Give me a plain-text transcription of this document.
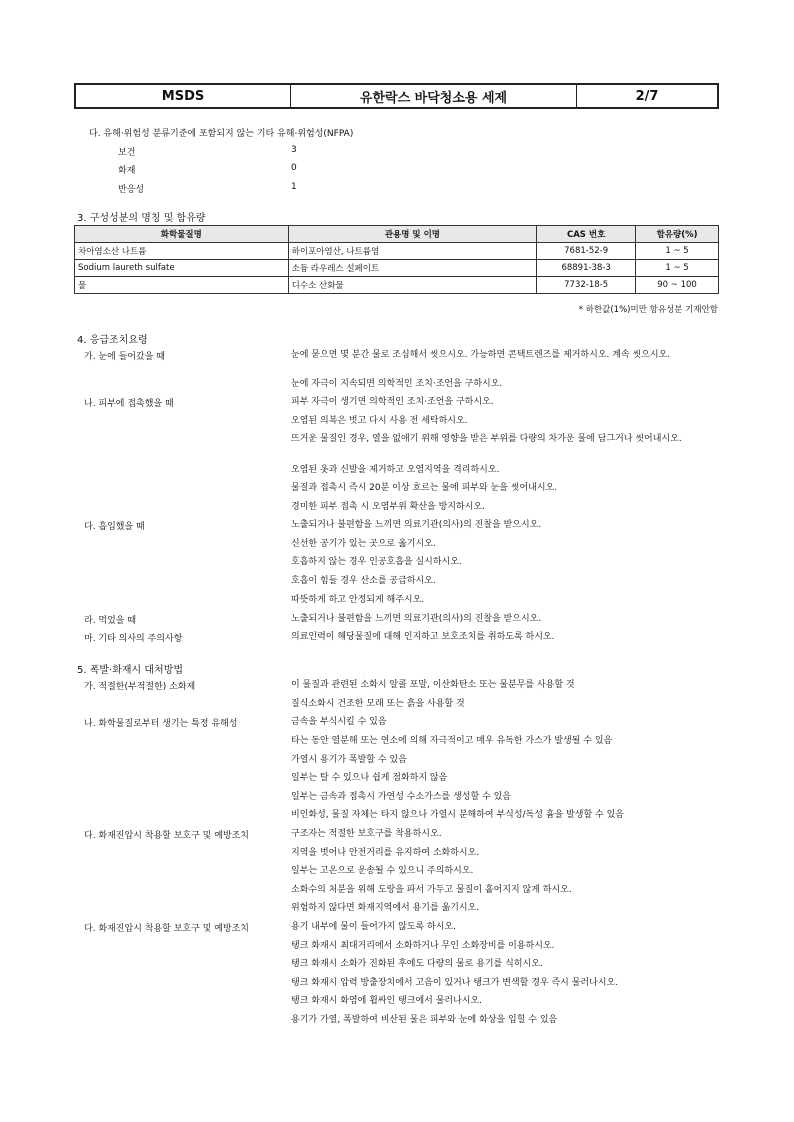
MSDS	유한락스 바닥청소용 세제	2/7
다. 유해·위험성 분류기준에 포함되지 않는 기타 유해·위험성(NFPA)
보건	3
화재	0
반응성	1
3. 구성성분의 명칭 및 함유량
화학물질명	관용명 및 이명	CAS 번호	함유량(%)
차아염소산 나트륨	하이포아염산, 나트륨염	7681-52-9	1 ~ 5
Sodium laureth sulfate	소듐 라우레스 설페이트	68891-38-3	1 ~ 5
물	디수소 산화물	7732-18-5	90 ~ 100
* 하한값(1%)미만 함유성분 기재안함
4. 응급조치요령
가. 눈에 들어갔을 때	눈에 묻으면 몇 분간 물로 조심해서 씻으시오. 가능하면 콘택트렌즈를 제거하시오. 계속 씻으시오.
눈에 자극이 지속되면 의학적인 조치·조언을 구하시오.
나. 피부에 접촉했을 때	피부 자극이 생기면 의학적인 조치·조언을 구하시오.
오염된 의복은 벗고 다시 사용 전 세탁하시오.
뜨거운 물질인 경우, 열을 없애기 위해 영향을 받은 부위를 다량의 차가운 물에 담그거나 씻어내시오.
오염된 옷과 신발을 제거하고 오염지역을 격리하시오.
물질과 접촉시 즉시 20분 이상 흐르는 물에 피부와 눈을 씻어내시오.
경미한 피부 접촉 시 오염부위 확산을 방지하시오.
다. 흡입했을 때	노출되거나 불편함을 느끼면 의료기관(의사)의 진찰을 받으시오.
신선한 공기가 있는 곳으로 옮기시오.
호흡하지 않는 경우 인공호흡을 실시하시오.
호흡이 힘들 경우 산소를 공급하시오.
따뜻하게 하고 안정되게 해주시오.
라. 먹었을 때	노출되거나 불편함을 느끼면 의료기관(의사)의 진찰을 받으시오.
마. 기타 의사의 주의사항	의료인력이 해당물질에 대해 인지하고 보호조치를 취하도록 하시오.
5. 폭발·화재시 대처방법
가. 적절한(부적절한) 소화제	이 물질과 관련된 소화시 알콜 포말, 이산화탄소 또는 물분무를 사용할 것
질식소화시 건조한 모래 또는 흙을 사용할 것
나. 화학물질로부터 생기는 특정 유해성	금속을 부식시킬 수 있음
타는 동안 열분해 또는 연소에 의해 자극적이고 매우 유독한 가스가 발생될 수 있음
가열시 용기가 폭발할 수 있음
일부는 탈 수 있으나 쉽게 점화하지 않음
일부는 금속과 접촉시 가연성 수소가스를 생성할 수 있음
비인화성, 물질 자체는 타지 않으나 가열시 분해하여 부식성/독성 흄을 발생할 수 있음
다. 화재진압시 착용할 보호구 및 예방조치	구조자는 적절한 보호구를 착용하시오.
지역을 벗어나 안전거리를 유지하여 소화하시오.
일부는 고온으로 운송될 수 있으니 주의하시오.
소화수의 처분을 위해 도랑을 파서 가두고 물질이 흩어지지 않게 하시오.
위험하지 않다면 화재지역에서 용기를 옮기시오.
다. 화재진압시 착용할 보호구 및 예방조치	용기 내부에 물이 들어가지 않도록 하시오.
탱크 화재시 최대거리에서 소화하거나 무인 소화장비를 이용하시오.
탱크 화재시 소화가 진화된 후에도 다량의 물로 용기를 식히시오.
탱크 화재시 압력 방출장치에서 고음이 있거나 탱크가 변색할 경우 즉시 물러나시오.
탱크 화재시 화염에 휩싸인 탱크에서 물러나시오.
용기가 가열, 폭발하여 비산된 물은 피부와 눈에 화상을 입힐 수 있음
